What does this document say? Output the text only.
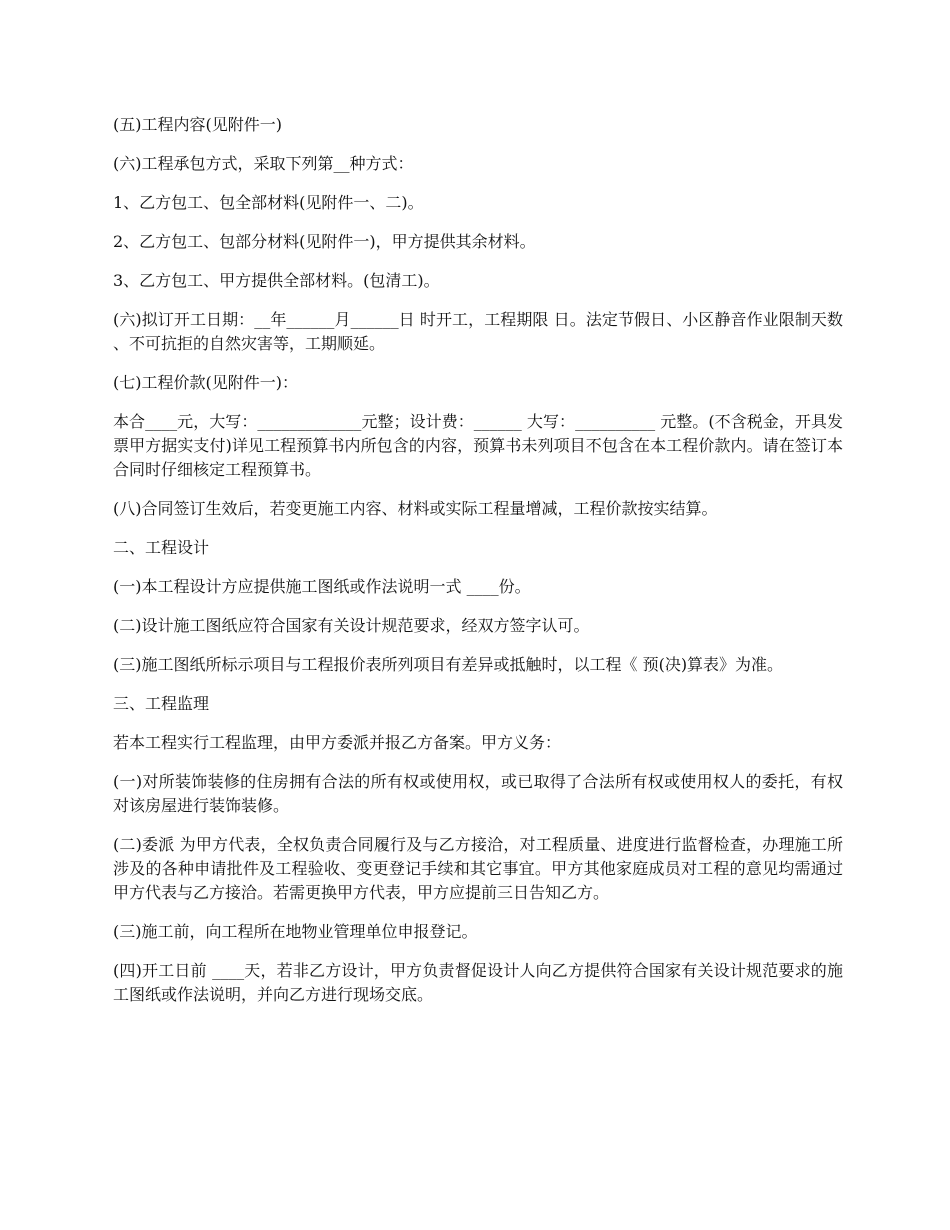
(五)工程内容(见附件一)

(六)工程承包方式，采取下列第__种方式：

1、乙方包工、包全部材料(见附件一、二)。

2、乙方包工、包部分材料(见附件一)，甲方提供其余材料。

3、乙方包工、甲方提供全部材料。(包清工)。

(六)拟订开工日期：__年______月______日 时开工，工程期限 日。法定节假日、小区静音作业限制天数、不可抗拒的自然灾害等，工期顺延。

(七)工程价款(见附件一)：

本合____元，大写：_____________元整；设计费：______ 大写：__________ 元整。(不含税金，开具发票甲方据实支付)详见工程预算书内所包含的内容，预算书未列项目不包含在本工程价款内。请在签订本合同时仔细核定工程预算书。

(八)合同签订生效后，若变更施工内容、材料或实际工程量增减，工程价款按实结算。

二、工程设计

(一)本工程设计方应提供施工图纸或作法说明一式 ____份。

(二)设计施工图纸应符合国家有关设计规范要求，经双方签字认可。

(三)施工图纸所标示项目与工程报价表所列项目有差异或抵触时，以工程《 预(决)算表》为准。

三、工程监理

若本工程实行工程监理，由甲方委派并报乙方备案。甲方义务：

(一)对所装饰装修的住房拥有合法的所有权或使用权，或已取得了合法所有权或使用权人的委托，有权对该房屋进行装饰装修。

(二)委派 为甲方代表，全权负责合同履行及与乙方接洽，对工程质量、进度进行监督检查，办理施工所涉及的各种申请批件及工程验收、变更登记手续和其它事宜。甲方其他家庭成员对工程的意见均需通过甲方代表与乙方接洽。若需更换甲方代表，甲方应提前三日告知乙方。

(三)施工前，向工程所在地物业管理单位申报登记。

(四)开工日前 ____天，若非乙方设计，甲方负责督促设计人向乙方提供符合国家有关设计规范要求的施工图纸或作法说明，并向乙方进行现场交底。
